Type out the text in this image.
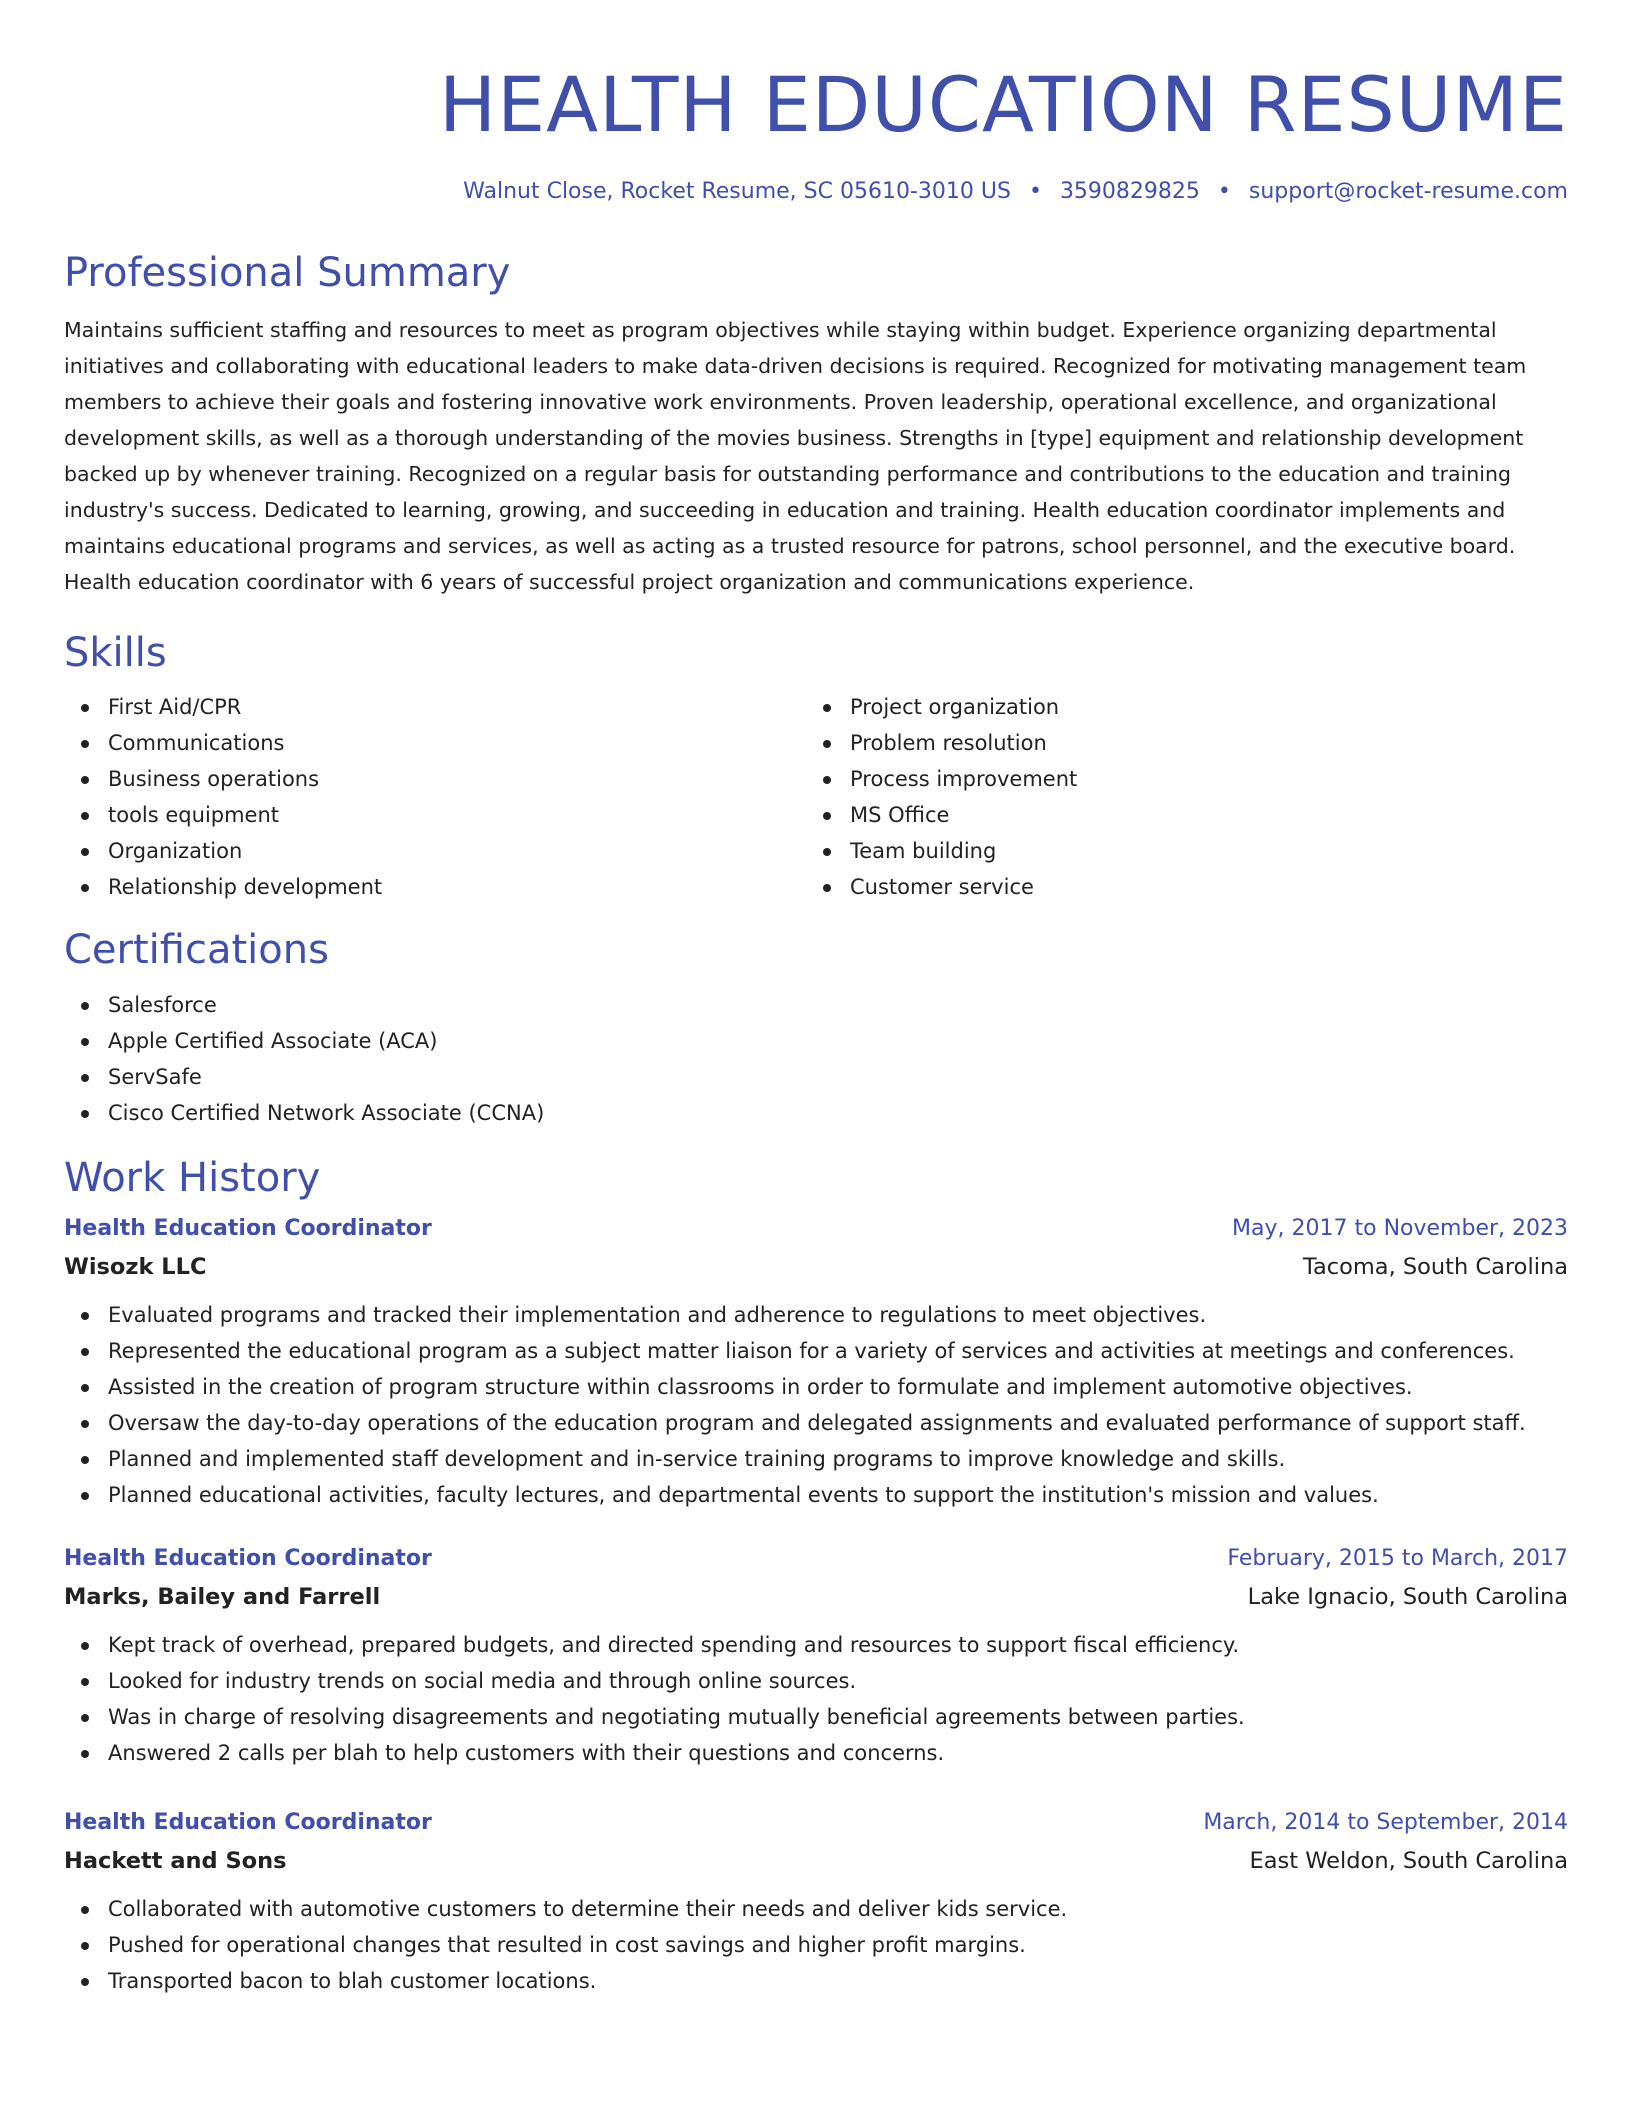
HEALTH EDUCATION RESUME
Walnut Close, Rocket Resume, SC 05610-3010 US • 3590829825 • support@rocket-resume.com
Professional Summary

Maintains sufficient staffing and resources to meet as program objectives while staying within budget. Experience organizing departmental initiatives and collaborating with educational leaders to make data-driven decisions is required. Recognized for motivating management team members to achieve their goals and fostering innovative work environments. Proven leadership, operational excellence, and organizational development skills, as well as a thorough understanding of the movies business. Strengths in [type] equipment and relationship development backed up by whenever training. Recognized on a regular basis for outstanding performance and contributions to the education and training industry's success. Dedicated to learning, growing, and succeeding in education and training. Health education coordinator implements and maintains educational programs and services, as well as acting as a trusted resource for patrons, school personnel, and the executive board. Health education coordinator with 6 years of successful project organization and communications experience.

Skills
First Aid/CPR
Communications
Business operations
tools equipment
Organization
Relationship development
Project organization
Problem resolution
Process improvement
MS Office
Team building
Customer service
Certifications
Salesforce
Apple Certified Associate (ACA)
ServSafe
Cisco Certified Network Associate (CCNA)
Work History
Health Education Coordinator	May, 2017 to November, 2023
Wisozk LLC	Tacoma, South Carolina
Evaluated programs and tracked their implementation and adherence to regulations to meet objectives.
Represented the educational program as a subject matter liaison for a variety of services and activities at meetings and conferences.
Assisted in the creation of program structure within classrooms in order to formulate and implement automotive objectives.
Oversaw the day-to-day operations of the education program and delegated assignments and evaluated performance of support staff.
Planned and implemented staff development and in-service training programs to improve knowledge and skills.
Planned educational activities, faculty lectures, and departmental events to support the institution's mission and values.
Health Education Coordinator	February, 2015 to March, 2017
Marks, Bailey and Farrell	Lake Ignacio, South Carolina
Kept track of overhead, prepared budgets, and directed spending and resources to support fiscal efficiency.
Looked for industry trends on social media and through online sources.
Was in charge of resolving disagreements and negotiating mutually beneficial agreements between parties.
Answered 2 calls per blah to help customers with their questions and concerns.
Health Education Coordinator	March, 2014 to September, 2014
Hackett and Sons	East Weldon, South Carolina
Collaborated with automotive customers to determine their needs and deliver kids service.
Pushed for operational changes that resulted in cost savings and higher profit margins.
Transported bacon to blah customer locations.
